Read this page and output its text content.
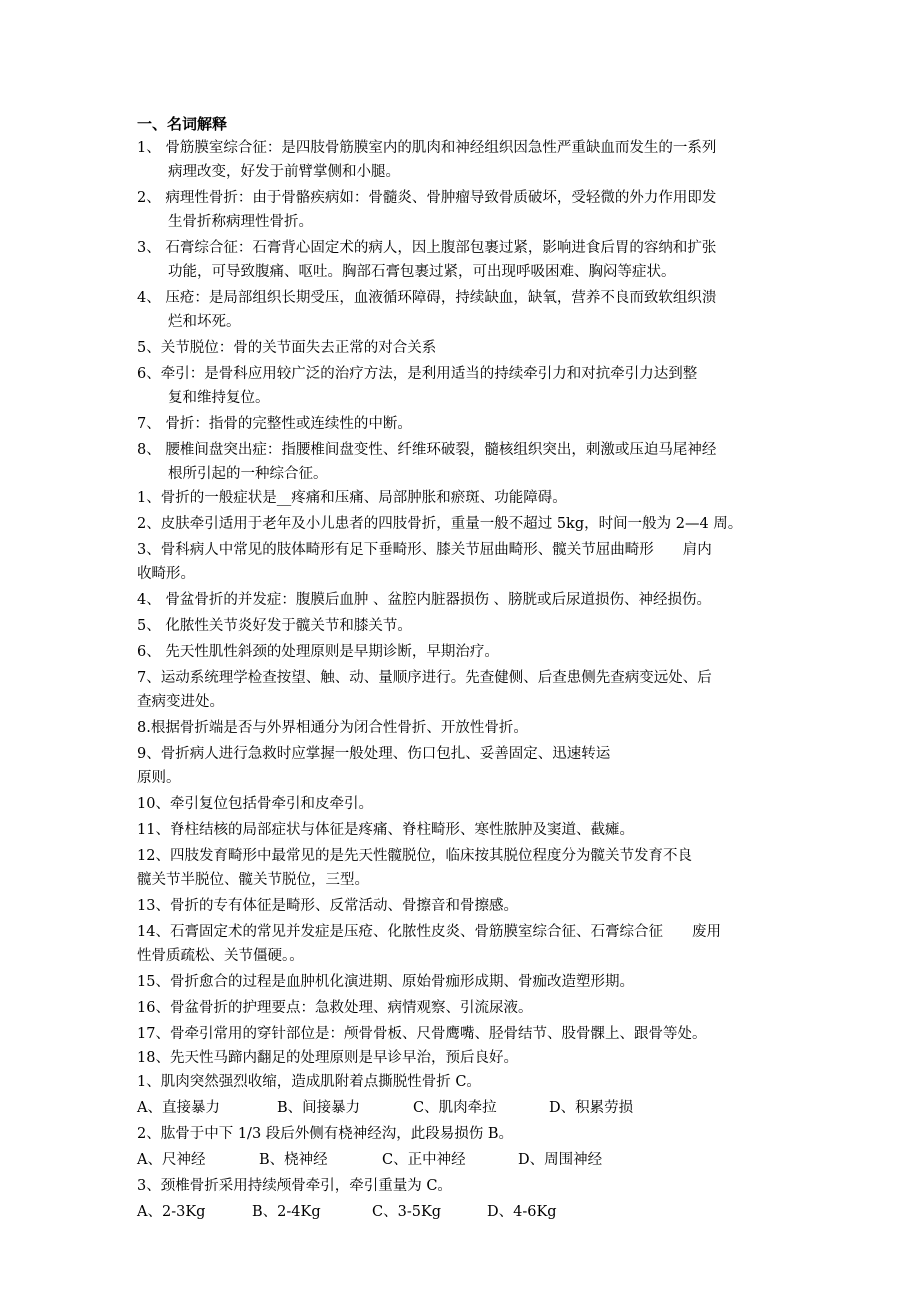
一、名词解释
1、 骨筋膜室综合征：是四肢骨筋膜室内的肌肉和神经组织因急性严重缺血而发生的一系列
病理改变，好发于前臂掌侧和小腿。
2、 病理性骨折：由于骨骼疾病如：骨髓炎、骨肿瘤导致骨质破坏，受轻微的外力作用即发
生骨折称病理性骨折。
3、 石膏综合征：石膏背心固定术的病人，因上腹部包裹过紧，影响进食后胃的容纳和扩张
功能，可导致腹痛、呕吐。胸部石膏包裹过紧，可出现呼吸困难、胸闷等症状。
4、 压疮：是局部组织长期受压，血液循环障碍，持续缺血，缺氧，营养不良而致软组织溃
烂和坏死。
5、关节脱位：骨的关节面失去正常的对合关系
6、牵引：是骨科应用较广泛的治疗方法，是利用适当的持续牵引力和对抗牵引力达到整
复和维持复位。
7、 骨折：指骨的完整性或连续性的中断。
8、 腰椎间盘突出症：指腰椎间盘变性、纤维环破裂，髓核组织突出，刺激或压迫马尾神经
根所引起的一种综合征。
1、骨折的一般症状是__疼痛和压痛、局部肿胀和瘀斑、功能障碍。
2、皮肤牵引适用于老年及小儿患者的四肢骨折，重量一般不超过 5kg，时间一般为 2—4 周。
3、骨科病人中常见的肢体畸形有足下垂畸形、膝关节屈曲畸形、髋关节屈曲畸形　　肩内
收畸形。
4、 骨盆骨折的并发症：腹膜后血肿 、盆腔内脏器损伤 、膀胱或后尿道损伤、神经损伤。
5、 化脓性关节炎好发于髋关节和膝关节。
6、 先天性肌性斜颈的处理原则是早期诊断，早期治疗。
7、运动系统理学检查按望、触、动、量顺序进行。先查健侧、后查患侧先查病变远处、后
查病变进处。
8.根据骨折端是否与外界相通分为闭合性骨折、开放性骨折。
9、骨折病人进行急救时应掌握一般处理、伤口包扎、妥善固定、迅速转运
原则。
10、牵引复位包括骨牵引和皮牵引。
11、脊柱结核的局部症状与体征是疼痛、脊柱畸形、寒性脓肿及窦道、截瘫。
12、四肢发育畸形中最常见的是先天性髋脱位，临床按其脱位程度分为髋关节发育不良
髋关节半脱位、髋关节脱位，三型。
13、骨折的专有体征是畸形、反常活动、骨擦音和骨擦感。
14、石膏固定术的常见并发症是压疮、化脓性皮炎、骨筋膜室综合征、石膏综合征　　废用
性骨质疏松、关节僵硬。。
15、骨折愈合的过程是血肿机化演进期、原始骨痂形成期、骨痂改造塑形期。
16、骨盆骨折的护理要点：急救处理、病情观察、引流尿液。
17、骨牵引常用的穿针部位是：颅骨骨板、尺骨鹰嘴、胫骨结节、股骨髁上、跟骨等处。
18、先天性马蹄内翻足的处理原则是早诊早治，预后良好。
1、肌肉突然强烈收缩，造成肌附着点撕脱性骨折 C。
A、直接暴力	B、间接暴力	C、肌肉牵拉	D、积累劳损
2、肱骨于中下 1/3 段后外侧有桡神经沟，此段易损伤 B。
A、尺神经	B、桡神经	C、正中神经	D、周围神经
3、颈椎骨折采用持续颅骨牵引，牵引重量为 C。
A、2-3Kg	B、2-4Kg	C、3-5Kg	D、4-6Kg
